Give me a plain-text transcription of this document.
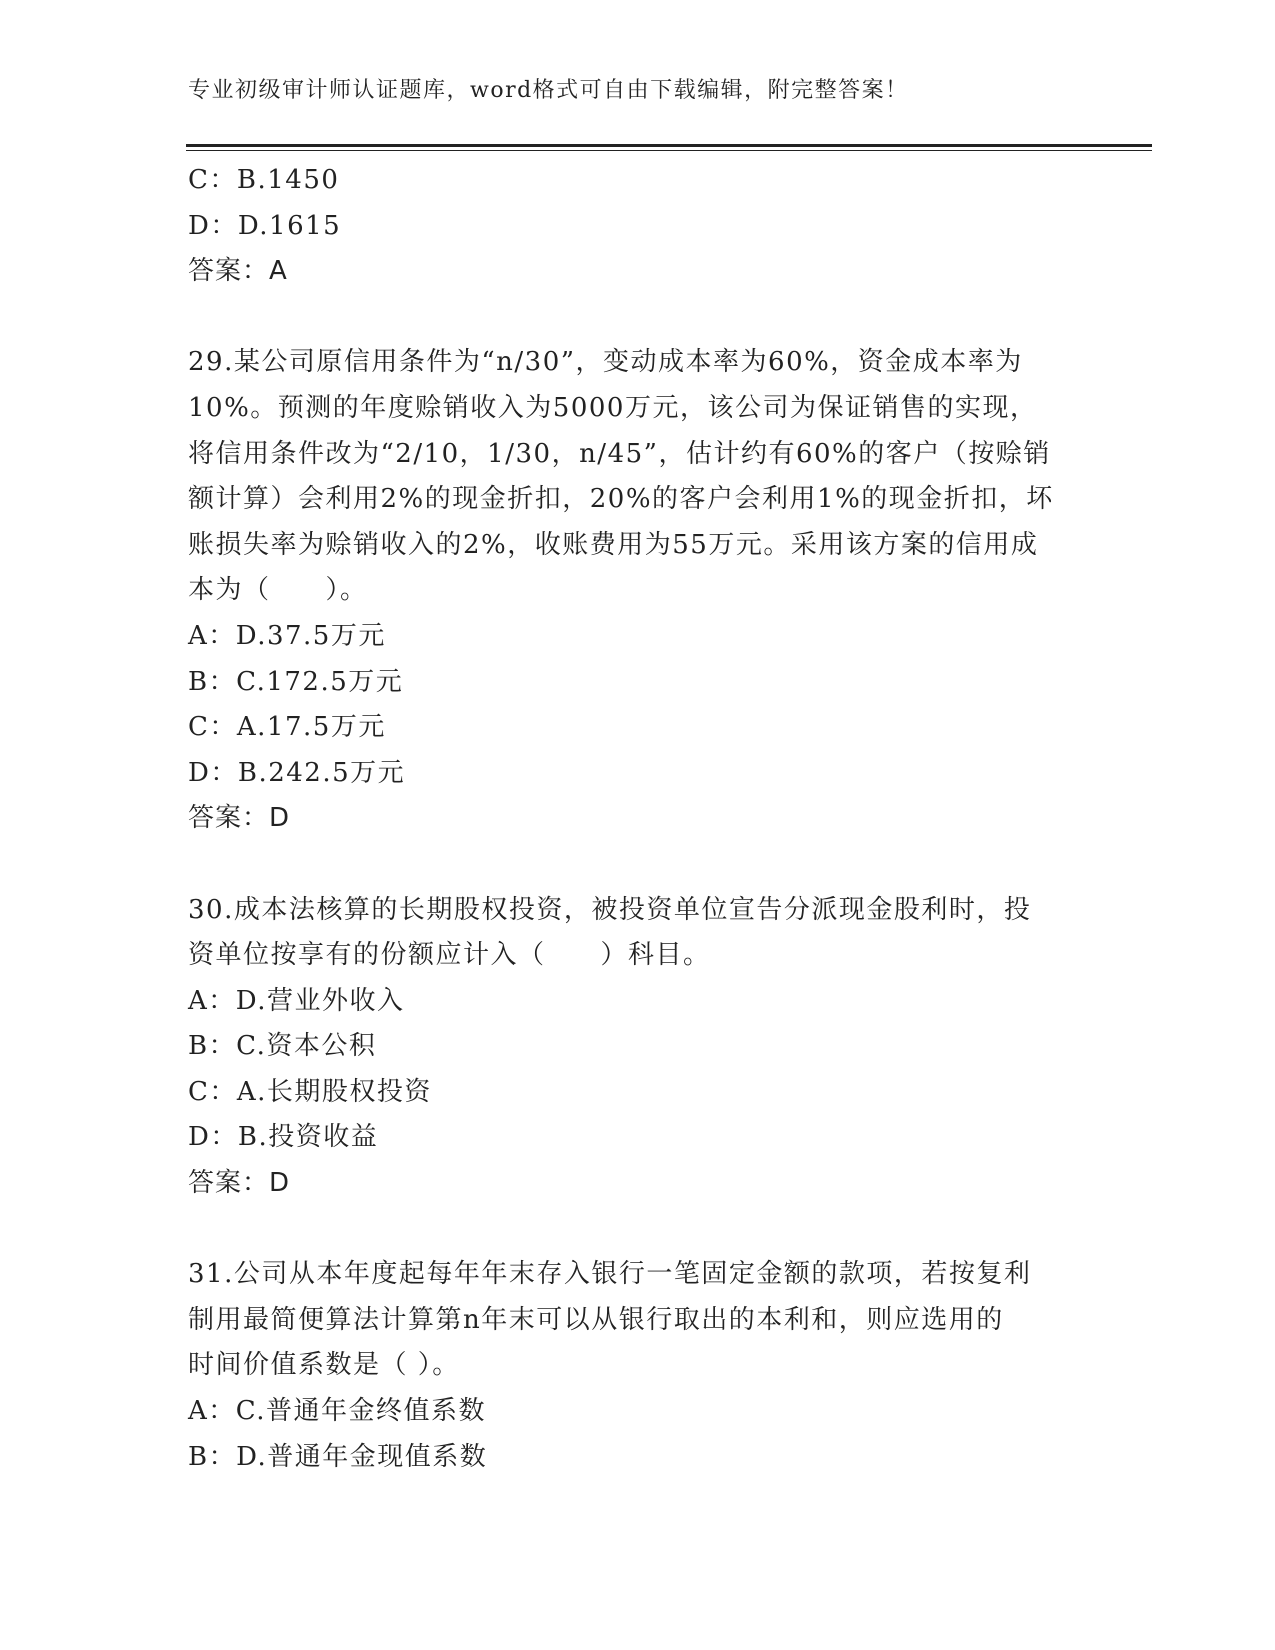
专业初级审计师认证题库，word格式可自由下载编辑，附完整答案！
C：B.1450
D：D.1615
答案：A
29.某公司原信用条件为“n/30”，变动成本率为60%，资金成本率为
10%。预测的年度赊销收入为5000万元，该公司为保证销售的实现，
将信用条件改为“2/10，1/30，n/45”，估计约有60%的客户（按赊销
额计算）会利用2%的现金折扣，20%的客户会利用1%的现金折扣，坏
账损失率为赊销收入的2%，收账费用为55万元。采用该方案的信用成
本为（　　）。
A：D.37.5万元
B：C.172.5万元
C：A.17.5万元
D：B.242.5万元
答案：D
30.成本法核算的长期股权投资，被投资单位宣告分派现金股利时，投
资单位按享有的份额应计入（　　）科目。
A：D.营业外收入
B：C.资本公积
C：A.长期股权投资
D：B.投资收益
答案：D
31.公司从本年度起每年年末存入银行一笔固定金额的款项，若按复利
制用最简便算法计算第n年末可以从银行取出的本利和，则应选用的
时间价值系数是（ ）。
A：C.普通年金终值系数
B：D.普通年金现值系数
